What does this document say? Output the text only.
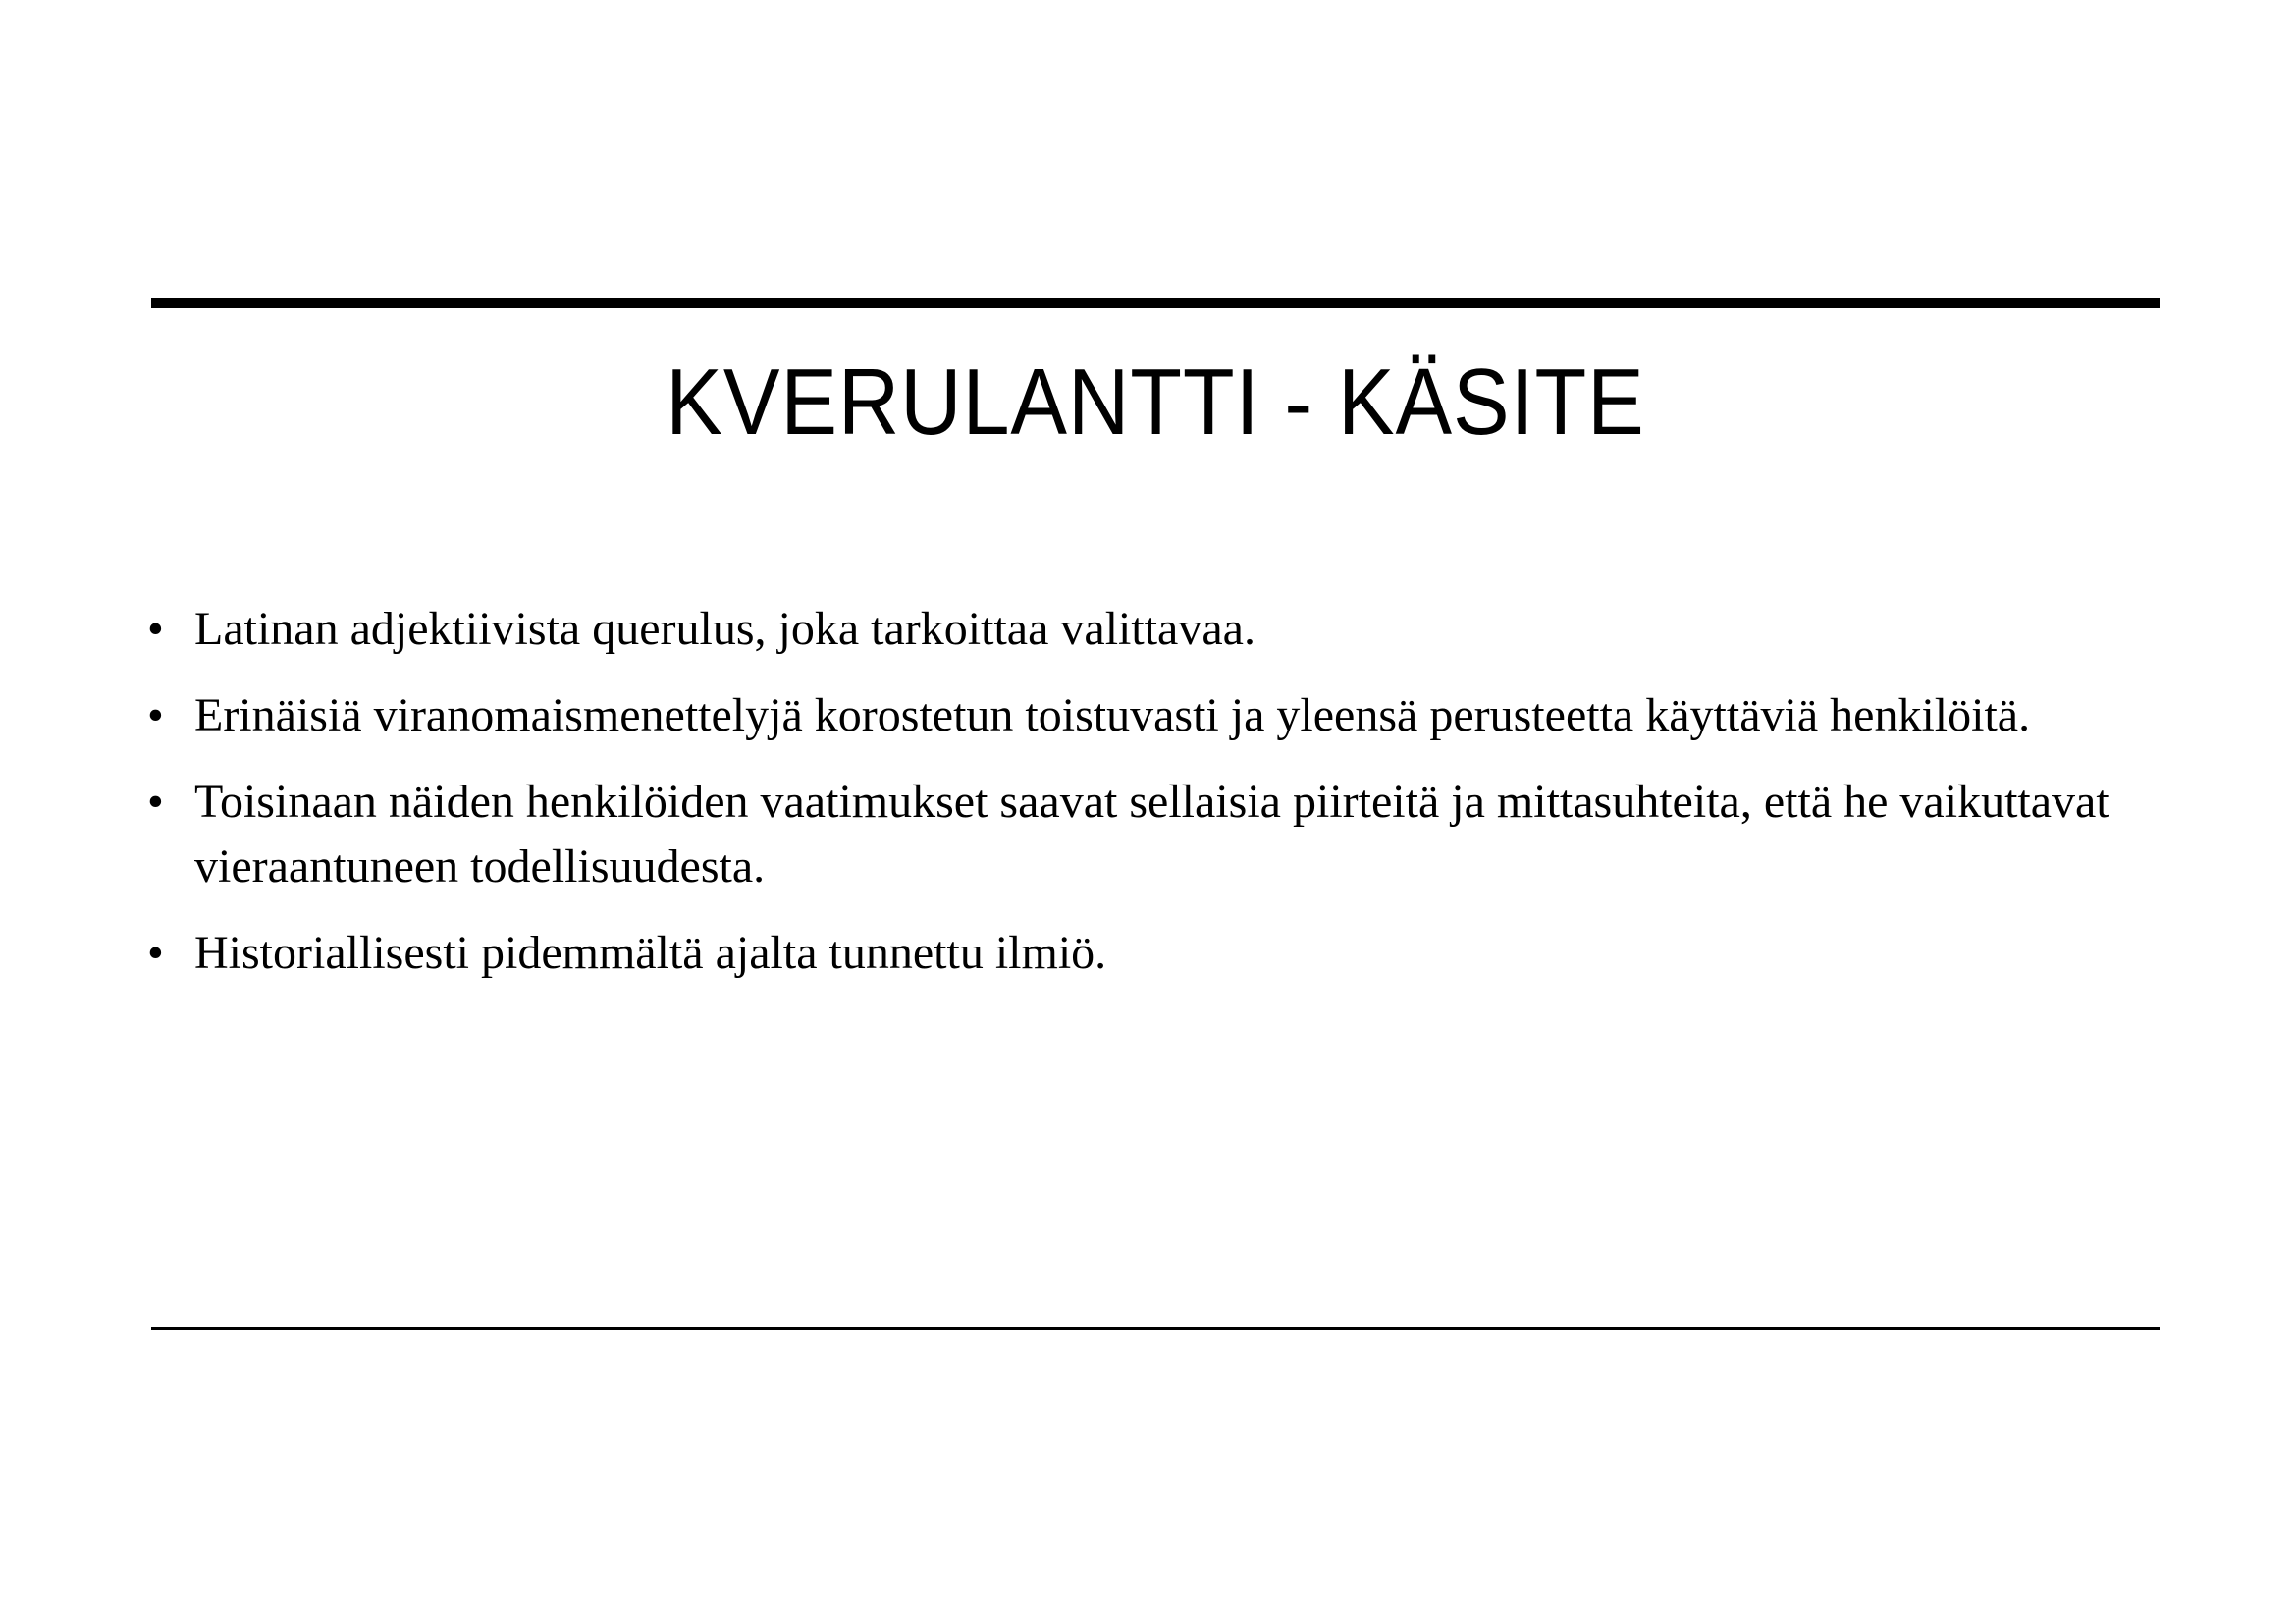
KVERULANTTI - KÄSITE
• Latinan adjektiivista querulus, joka tarkoittaa valittavaa.
• Erinäisiä viranomaismenettelyjä korostetun toistuvasti ja yleensä perusteetta käyttäviä henkilöitä.
• Toisinaan näiden henkilöiden vaatimukset saavat sellaisia piirteitä ja mittasuhteita, että he vaikuttavat vieraantuneen todellisuudesta.
• Historiallisesti pidemmältä ajalta tunnettu ilmiö.
